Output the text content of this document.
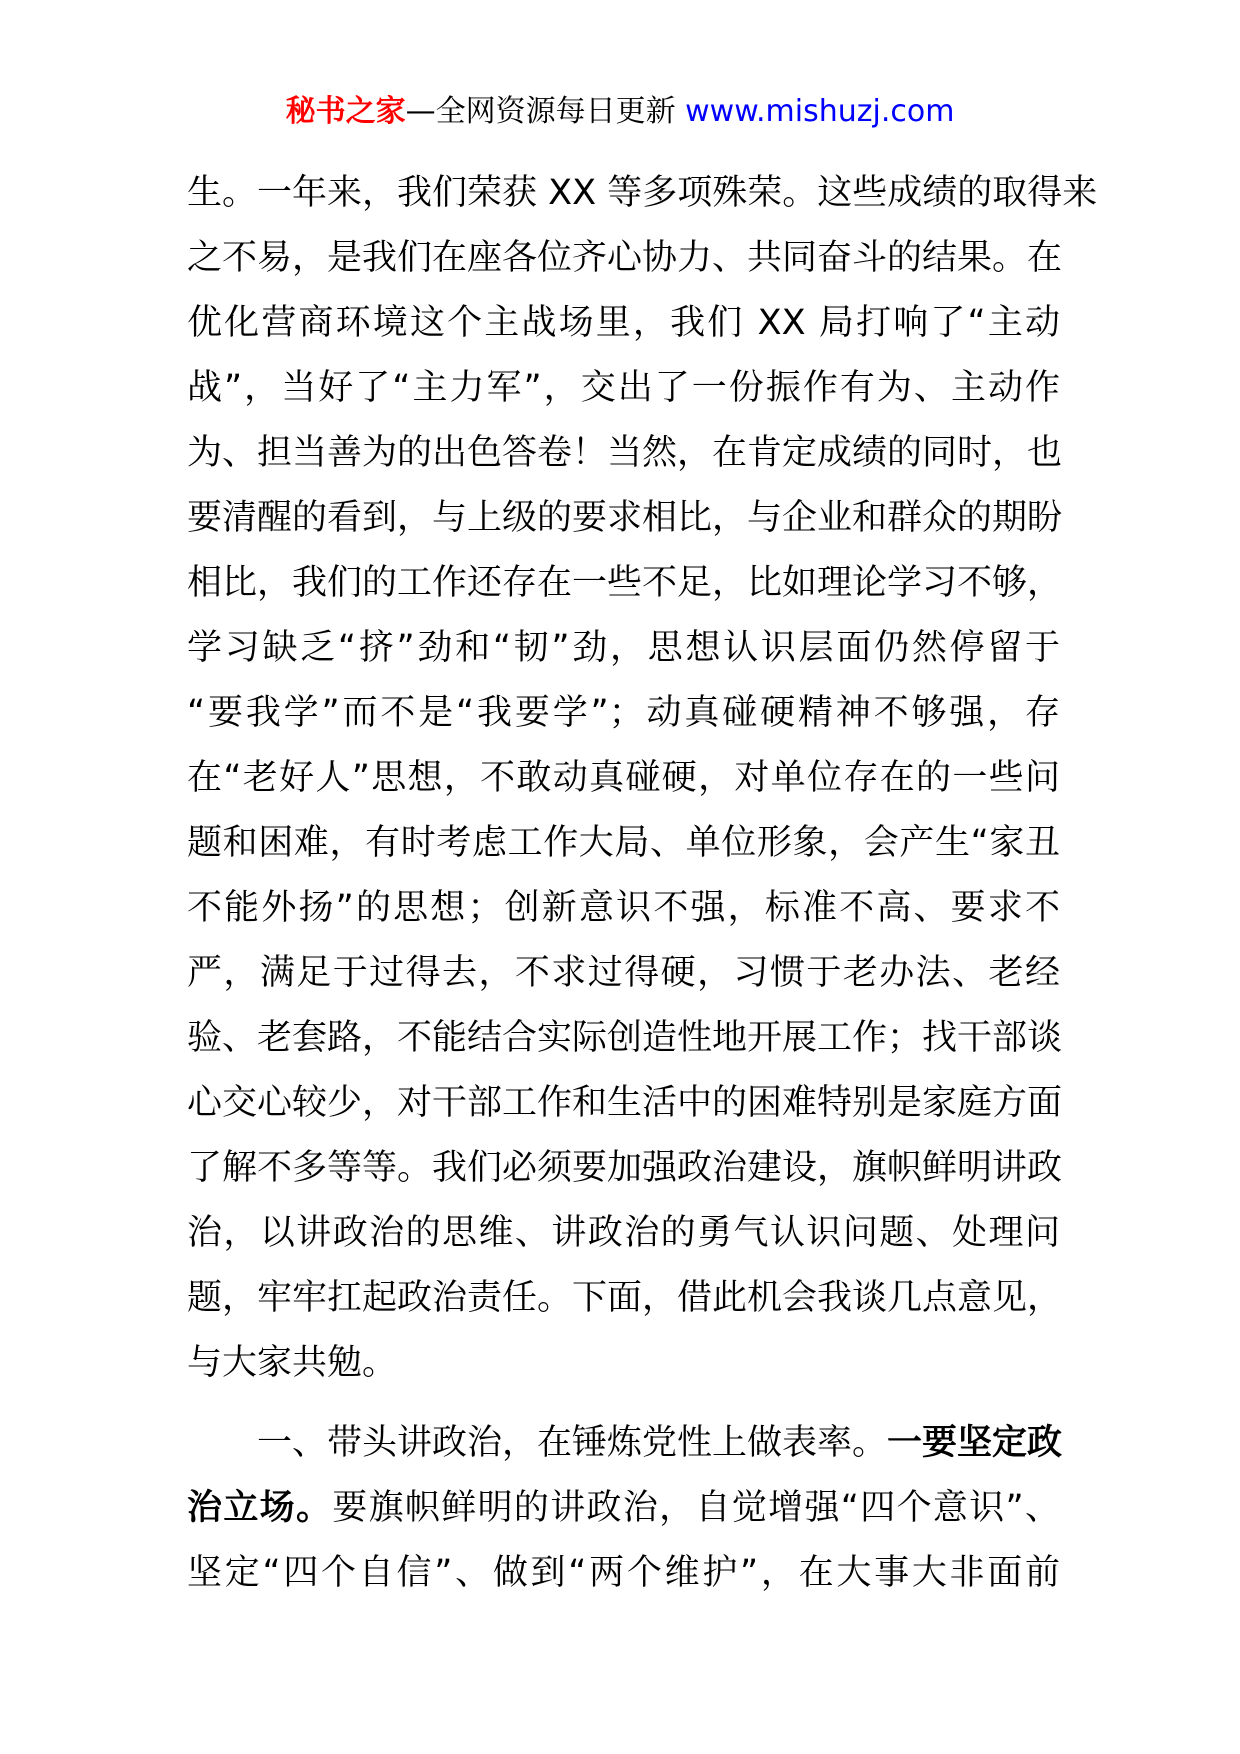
秘书之家—全网资源每日更新 www.mishuzj.com
生。一年来，我们荣获 XX 等多项殊荣。这些成绩的取得来
之不易，是我们在座各位齐心协力、共同奋斗的结果。在
优化营商环境这个主战场里，我们 XX 局打响了“主动
战”，当好了“主力军”，交出了一份振作有为、主动作
为、担当善为的出色答卷！当然，在肯定成绩的同时，也
要清醒的看到，与上级的要求相比，与企业和群众的期盼
相比，我们的工作还存在一些不足，比如理论学习不够，
学习缺乏“挤”劲和“韧”劲，思想认识层面仍然停留于
“要我学”而不是“我要学”；动真碰硬精神不够强，存
在“老好人”思想，不敢动真碰硬，对单位存在的一些问
题和困难，有时考虑工作大局、单位形象，会产生“家丑
不能外扬”的思想；创新意识不强，标准不高、要求不
严，满足于过得去，不求过得硬，习惯于老办法、老经
验、老套路，不能结合实际创造性地开展工作；找干部谈
心交心较少，对干部工作和生活中的困难特别是家庭方面
了解不多等等。我们必须要加强政治建设，旗帜鲜明讲政
治，以讲政治的思维、讲政治的勇气认识问题、处理问
题，牢牢扛起政治责任。下面，借此机会我谈几点意见，
与大家共勉。
一、带头讲政治，在锤炼党性上做表率。一要坚定政
治立场。要旗帜鲜明的讲政治，自觉增强“四个意识”、
坚定“四个自信”、做到“两个维护”，在大事大非面前
